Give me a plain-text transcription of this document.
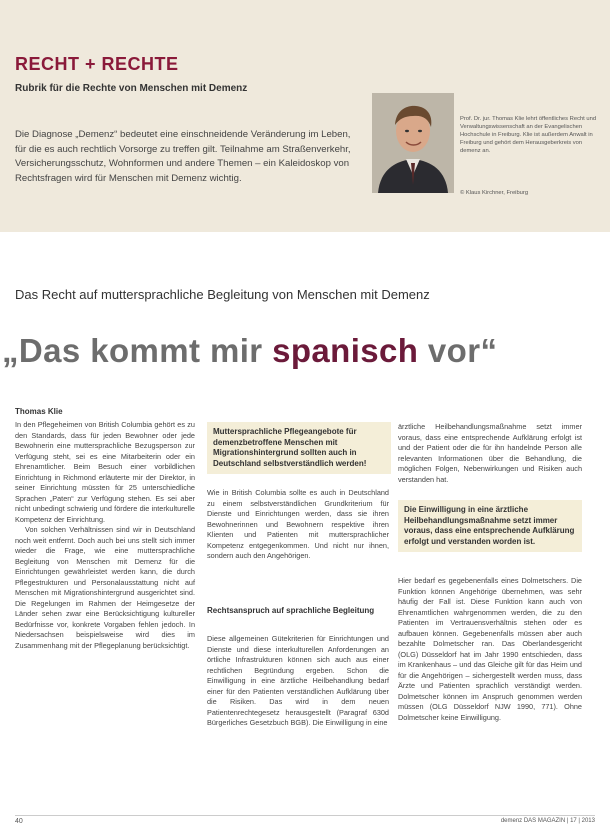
RECHT + RECHTE
Rubrik für die Rechte von Menschen mit Demenz

Die Diagnose „Demenz“ bedeutet eine einschneidende Veränderung im Leben, für die es auch rechtlich Vorsorge zu treffen gilt. Teilnahme am Straßenverkehr, Versicherungsschutz, Wohnformen und andere Themen – ein Kaleidoskop von Rechtsfragen wird für Menschen mit Demenz wichtig.

Prof. Dr. jur. Thomas Klie lehrt öffentliches Recht und Verwaltungswissenschaft an der Evangelischen Hochschule in Freiburg. Klie ist außerdem Anwalt in Freiburg und gehört dem Herausgeberkreis von demenz an.

© Klaus Kirchner, Freiburg
Das Recht auf muttersprachliche Begleitung von Menschen mit Demenz
„Das kommt mir spanisch vor“
Thomas Klie

In den Pflegeheimen von British Columbia gehört es zu den Standards, dass für jeden Bewohner oder jede Bewohnerin eine muttersprachliche Bezugsperson zur Verfügung steht, sei es eine Mitarbeiterin oder ein Ehrenamtlicher. Beim Besuch einer vorbildlichen Einrichtung in Richmond erläuterte mir der Direktor, in seiner Einrichtung müssten für 25 unterschiedliche Sprachen „Paten“ zur Verfügung stehen. Es sei aber nicht unbedingt schwierig und fördere die interkulturelle Kompetenz der Einrichtung.

Von solchen Verhältnissen sind wir in Deutschland noch weit entfernt. Doch auch bei uns stellt sich immer wieder die Frage, wie eine muttersprachliche Begleitung von Menschen mit Demenz für die Einrichtungen gewährleistet werden kann, die durch Pflegestrukturen und Personalausstattung nicht auf Menschen mit Migrationshintergrund ausgerichtet sind. Die Regelungen im Rahmen der Heimgesetze der Länder sehen zwar eine Berücksichtigung kultureller Bedürfnisse vor, konkrete Vorgaben fehlen jedoch. In Niedersachsen beispielsweise wird dies im Zusammenhang mit der Pflegeplanung berücksichtigt.

Muttersprachliche Pflegeangebote für demenzbetroffene Menschen mit Migrationshintergrund sollten auch in Deutschland selbstverständlich werden!

Wie in British Columbia sollte es auch in Deutschland zu einem selbstverständlichen Grundkriterium für Dienste und Einrichtungen werden, dass sie ihren Bewohnerinnen und Bewohnern respektive ihren Klienten und Patienten mit muttersprachlicher Kompetenz entgegenkommen. Und nicht nur ihnen, sondern auch den Angehörigen.

Rechtsanspruch auf sprachliche Begleitung

Diese allgemeinen Gütekriterien für Einrichtungen und Dienste und diese interkulturellen Anforderungen an örtliche Infrastrukturen können sich auch aus einer rechtlichen Begründung ergeben. Schon die Einwilligung in eine ärztliche Heilbehandlung bedarf einer für den Patienten verständlichen Aufklärung über die Risiken. Das wird in dem neuen Patientenrechtegesetz herausgestellt (Paragraf 630d Bürgerliches Gesetzbuch BGB). Die Einwilligung in eine

ärztliche Heilbehandlungsmaßnahme setzt immer voraus, dass eine entsprechende Aufklärung erfolgt ist und der Patient oder die für ihn handelnde Person alle relevanten Informationen über die Behandlung, die möglichen Folgen, Nebenwirkungen und Risiken auch verstanden hat.

Die Einwilligung in eine ärztliche Heilbehandlungsmaßnahme setzt immer voraus, dass eine entsprechende Aufklärung erfolgt und verstanden worden ist.

Hier bedarf es gegebenenfalls eines Dolmetschers. Die Funktion können Angehörige übernehmen, was sehr häufig der Fall ist. Diese Funktion kann auch von Ehrenamtlichen wahrgenommen werden, die zu den Patienten im Vertrauensverhältnis stehen oder es aufbauen können. Gegebenenfalls müssen aber auch bezahlte Dolmetscher ran. Das Oberlandesgericht (OLG) Düsseldorf hat im Jahr 1990 entschieden, dass im Krankenhaus – und das Gleiche gilt für das Heim und für die Angehörigen – sichergestellt werden muss, dass Ärzte und Patienten sprachlich verständigt werden. Dolmetscher können im Anspruch genommen werden müssen (OLG Düsseldorf NJW 1990, 771). Ohne Dolmetscher keine Einwilligung.

40	demenz DAS MAGAZIN | 17 | 2013
